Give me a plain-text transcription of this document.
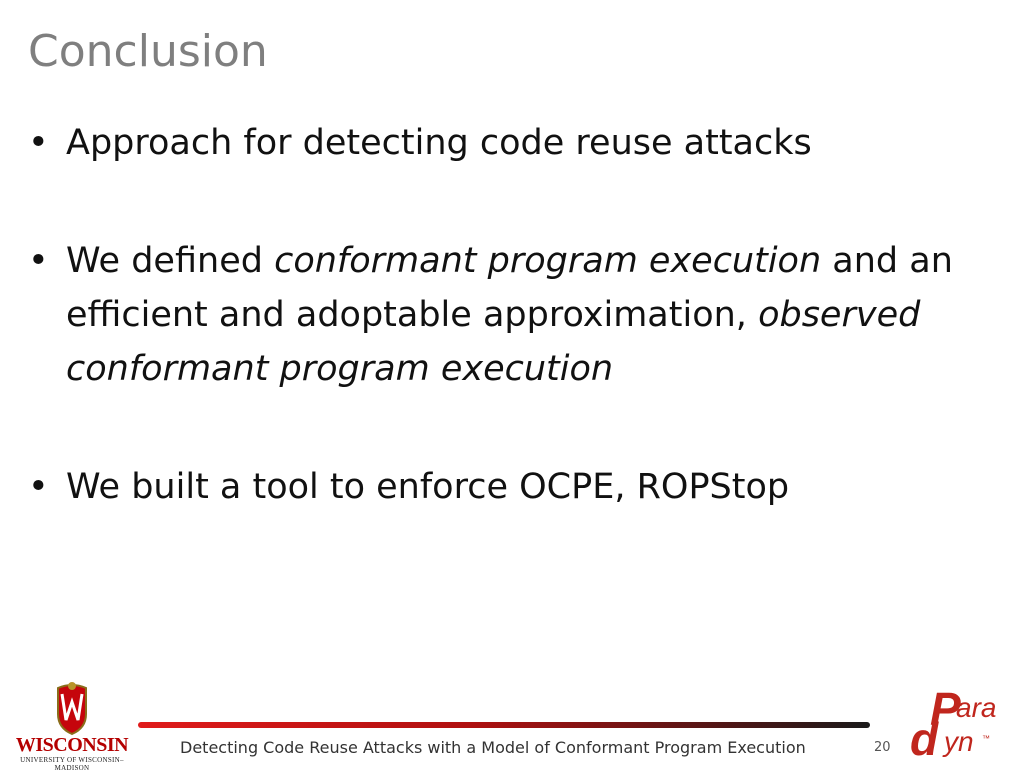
Conclusion
• Approach for detecting code reuse attacks
• We defined conformant program execution and an efficient and adoptable approximation, observed conformant program execution
• We built a tool to enforce OCPE, ROPStop
WISCONSIN
UNIVERSITY OF WISCONSIN–MADISON
Detecting Code Reuse Attacks with a Model of Conformant Program Execution	20
P
ara
d yn ™
